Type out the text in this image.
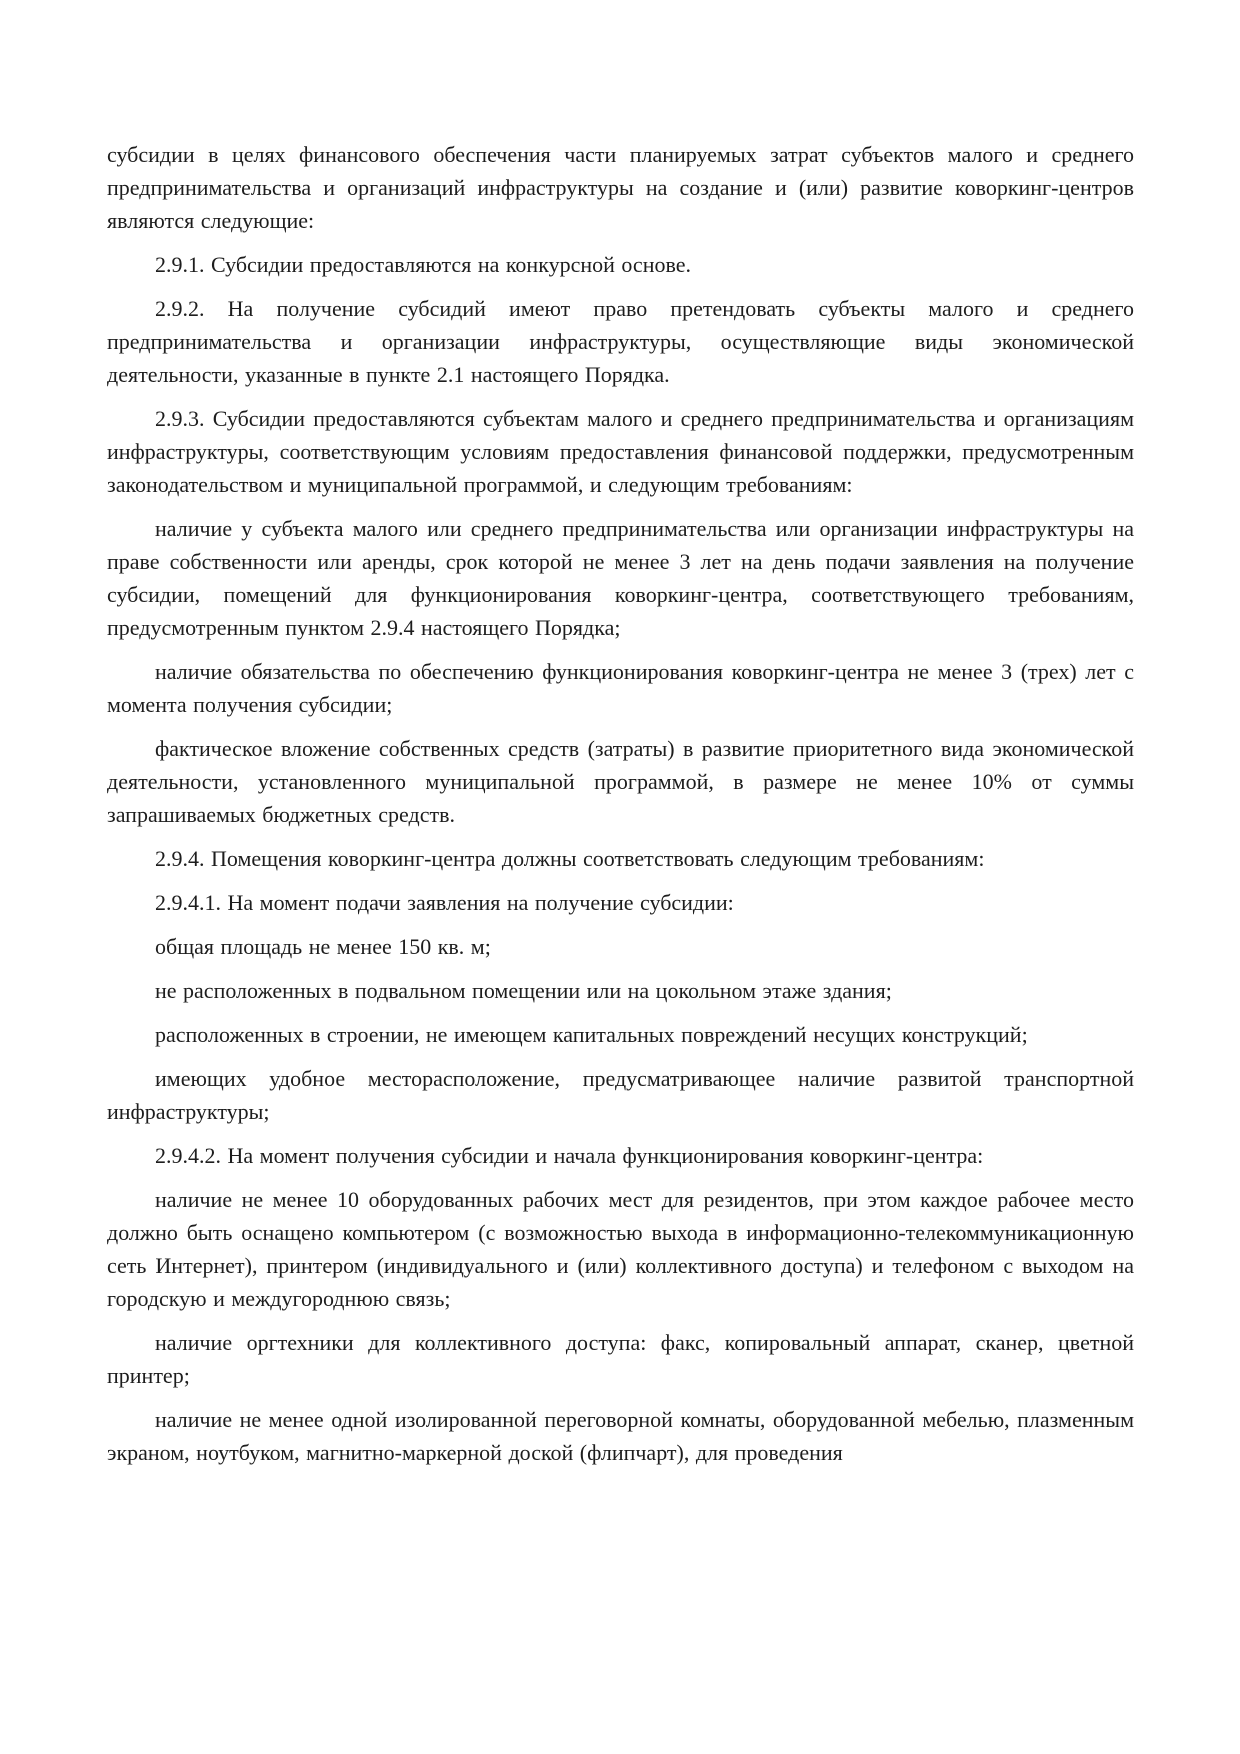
субсидии в целях финансового обеспечения части планируемых затрат субъектов малого и среднего предпринимательства и организаций инфраструктуры на создание и (или) развитие коворкинг-центров являются следующие:

2.9.1. Субсидии предоставляются на конкурсной основе.

2.9.2. На получение субсидий имеют право претендовать субъекты малого и среднего предпринимательства и организации инфраструктуры, осуществляющие виды экономической деятельности, указанные в пункте 2.1 настоящего Порядка.

2.9.3. Субсидии предоставляются субъектам малого и среднего предпринимательства и организациям инфраструктуры, соответствующим условиям предоставления финансовой поддержки, предусмотренным законодательством и муниципальной программой, и следующим требованиям:

наличие у субъекта малого или среднего предпринимательства или организации инфраструктуры на праве собственности или аренды, срок которой не менее 3 лет на день подачи заявления на получение субсидии, помещений для функционирования коворкинг-центра, соответствующего требованиям, предусмотренным пунктом 2.9.4 настоящего Порядка;

наличие обязательства по обеспечению функционирования коворкинг-центра не менее 3 (трех) лет с момента получения субсидии;

фактическое вложение собственных средств (затраты) в развитие приоритетного вида экономической деятельности, установленного муниципальной программой, в размере не менее 10% от суммы запрашиваемых бюджетных средств.

2.9.4. Помещения коворкинг-центра должны соответствовать следующим требованиям:

2.9.4.1. На момент подачи заявления на получение субсидии:

общая площадь не менее 150 кв. м;

не расположенных в подвальном помещении или на цокольном этаже здания;

расположенных в строении, не имеющем капитальных повреждений несущих конструкций;

имеющих удобное месторасположение, предусматривающее наличие развитой транспортной инфраструктуры;

2.9.4.2. На момент получения субсидии и начала функционирования коворкинг-центра:

наличие не менее 10 оборудованных рабочих мест для резидентов, при этом каждое рабочее место должно быть оснащено компьютером (с возможностью выхода в информационно-телекоммуникационную сеть Интернет), принтером (индивидуального и (или) коллективного доступа) и телефоном с выходом на городскую и междугороднюю связь;

наличие оргтехники для коллективного доступа: факс, копировальный аппарат, сканер, цветной принтер;

наличие не менее одной изолированной переговорной комнаты, оборудованной мебелью, плазменным экраном, ноутбуком, магнитно-маркерной доской (флипчарт), для проведения
